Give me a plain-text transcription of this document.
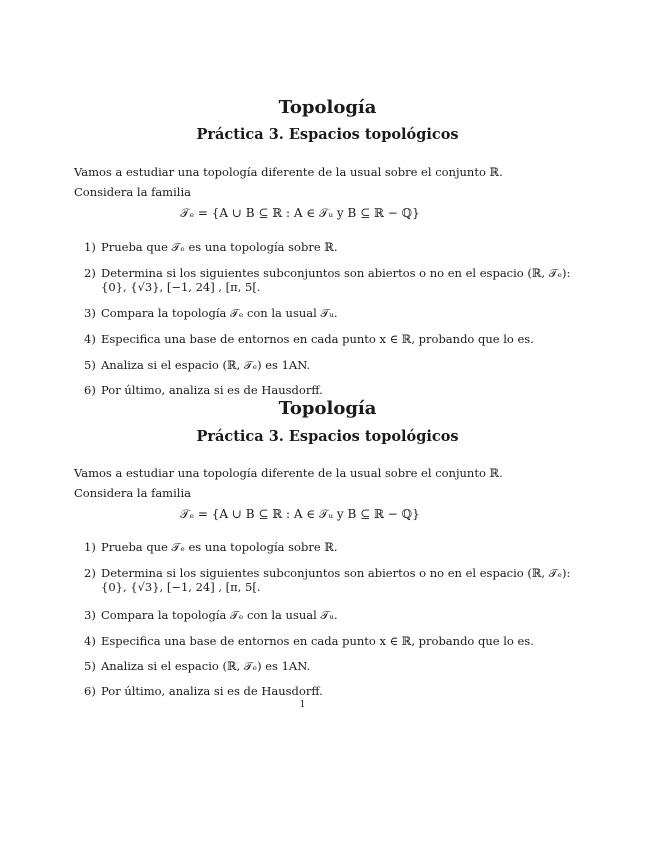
Topología
Práctica 3. Espacios topológicos

Vamos a estudiar una topología diferente de la usual sobre el conjunto ℝ.

Considera la familia

𝒯ₑ = {A ∪ B ⊆ ℝ : A ∈ 𝒯ᵤ y B ⊆ ℝ − ℚ}

1) Prueba que 𝒯ₑ es una topología sobre ℝ.
2) Determina si los siguientes subconjuntos son abiertos o no en el espacio (ℝ, 𝒯ₑ):
{0}, {√3}, [−1, 24] , [π, 5[.
3) Compara la topología 𝒯ₑ con la usual 𝒯ᵤ.
4) Especifica una base de entornos en cada punto x ∈ ℝ, probando que lo es.
5) Analiza si el espacio (ℝ, 𝒯ₑ) es 1AN.
6) Por último, analiza si es de Hausdorff.
Topología
Práctica 3. Espacios topológicos

Vamos a estudiar una topología diferente de la usual sobre el conjunto ℝ.

Considera la familia

𝒯ₑ = {A ∪ B ⊆ ℝ : A ∈ 𝒯ᵤ y B ⊆ ℝ − ℚ}

1) Prueba que 𝒯ₑ es una topología sobre ℝ.
2) Determina si los siguientes subconjuntos son abiertos o no en el espacio (ℝ, 𝒯ₑ):
{0}, {√3}, [−1, 24] , [π, 5[.
3) Compara la topología 𝒯ₑ con la usual 𝒯ᵤ.
4) Especifica una base de entornos en cada punto x ∈ ℝ, probando que lo es.
5) Analiza si el espacio (ℝ, 𝒯ₑ) es 1AN.
6) Por último, analiza si es de Hausdorff.
1
